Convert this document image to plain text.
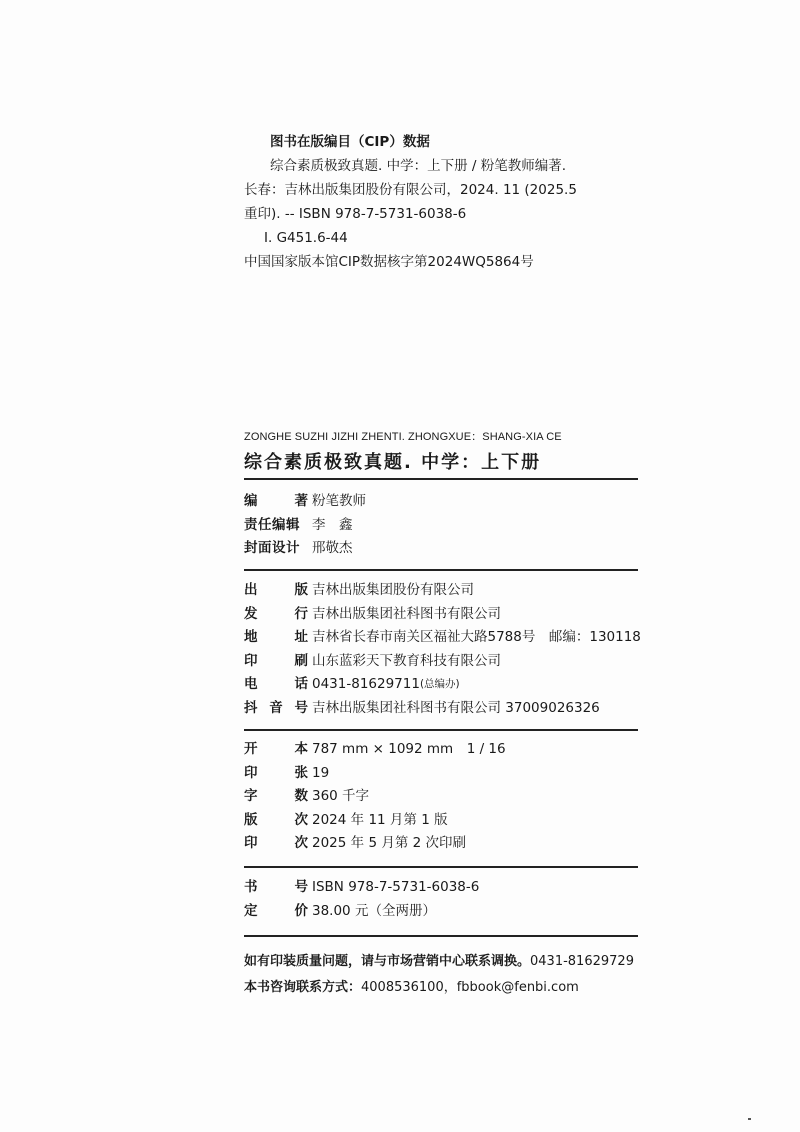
图书在版编目（CIP）数据
综合素质极致真题. 中学：上下册 / 粉笔教师编著.
长春：吉林出版集团股份有限公司，2024. 11 (2025.5
重印). -- ISBN 978-7-5731-6038-6
Ⅰ. G451.6-44
中国国家版本馆CIP数据核字第2024WQ5864号
ZONGHE SUZHI JIZHI ZHENTI. ZHONGXUE：SHANG-XIA CE
综合素质极致真题. 中学：上下册
编	著 粉笔教师
责任编辑 李　鑫
封面设计 邢敬杰
出	版 吉林出版集团股份有限公司
发	行 吉林出版集团社科图书有限公司
地	址 吉林省长春市南关区福祉大路5788号　邮编：130118
印	刷 山东蓝彩天下教育科技有限公司
电	话 0431-81629711 (总编办)
抖 音 号 吉林出版集团社科图书有限公司 37009026326
开	本 787 mm × 1092 mm　1 / 16
印	张 19
字	数 360 千字
版	次 2024 年 11 月第 1 版
印	次 2025 年 5 月第 2 次印刷
书	号 ISBN 978-7-5731-6038-6
定	价 38.00 元（全两册）
如有印装质量问题，请与市场营销中心联系调换。0431-81629729
本书咨询联系方式：4008536100，fbbook@fenbi.com
